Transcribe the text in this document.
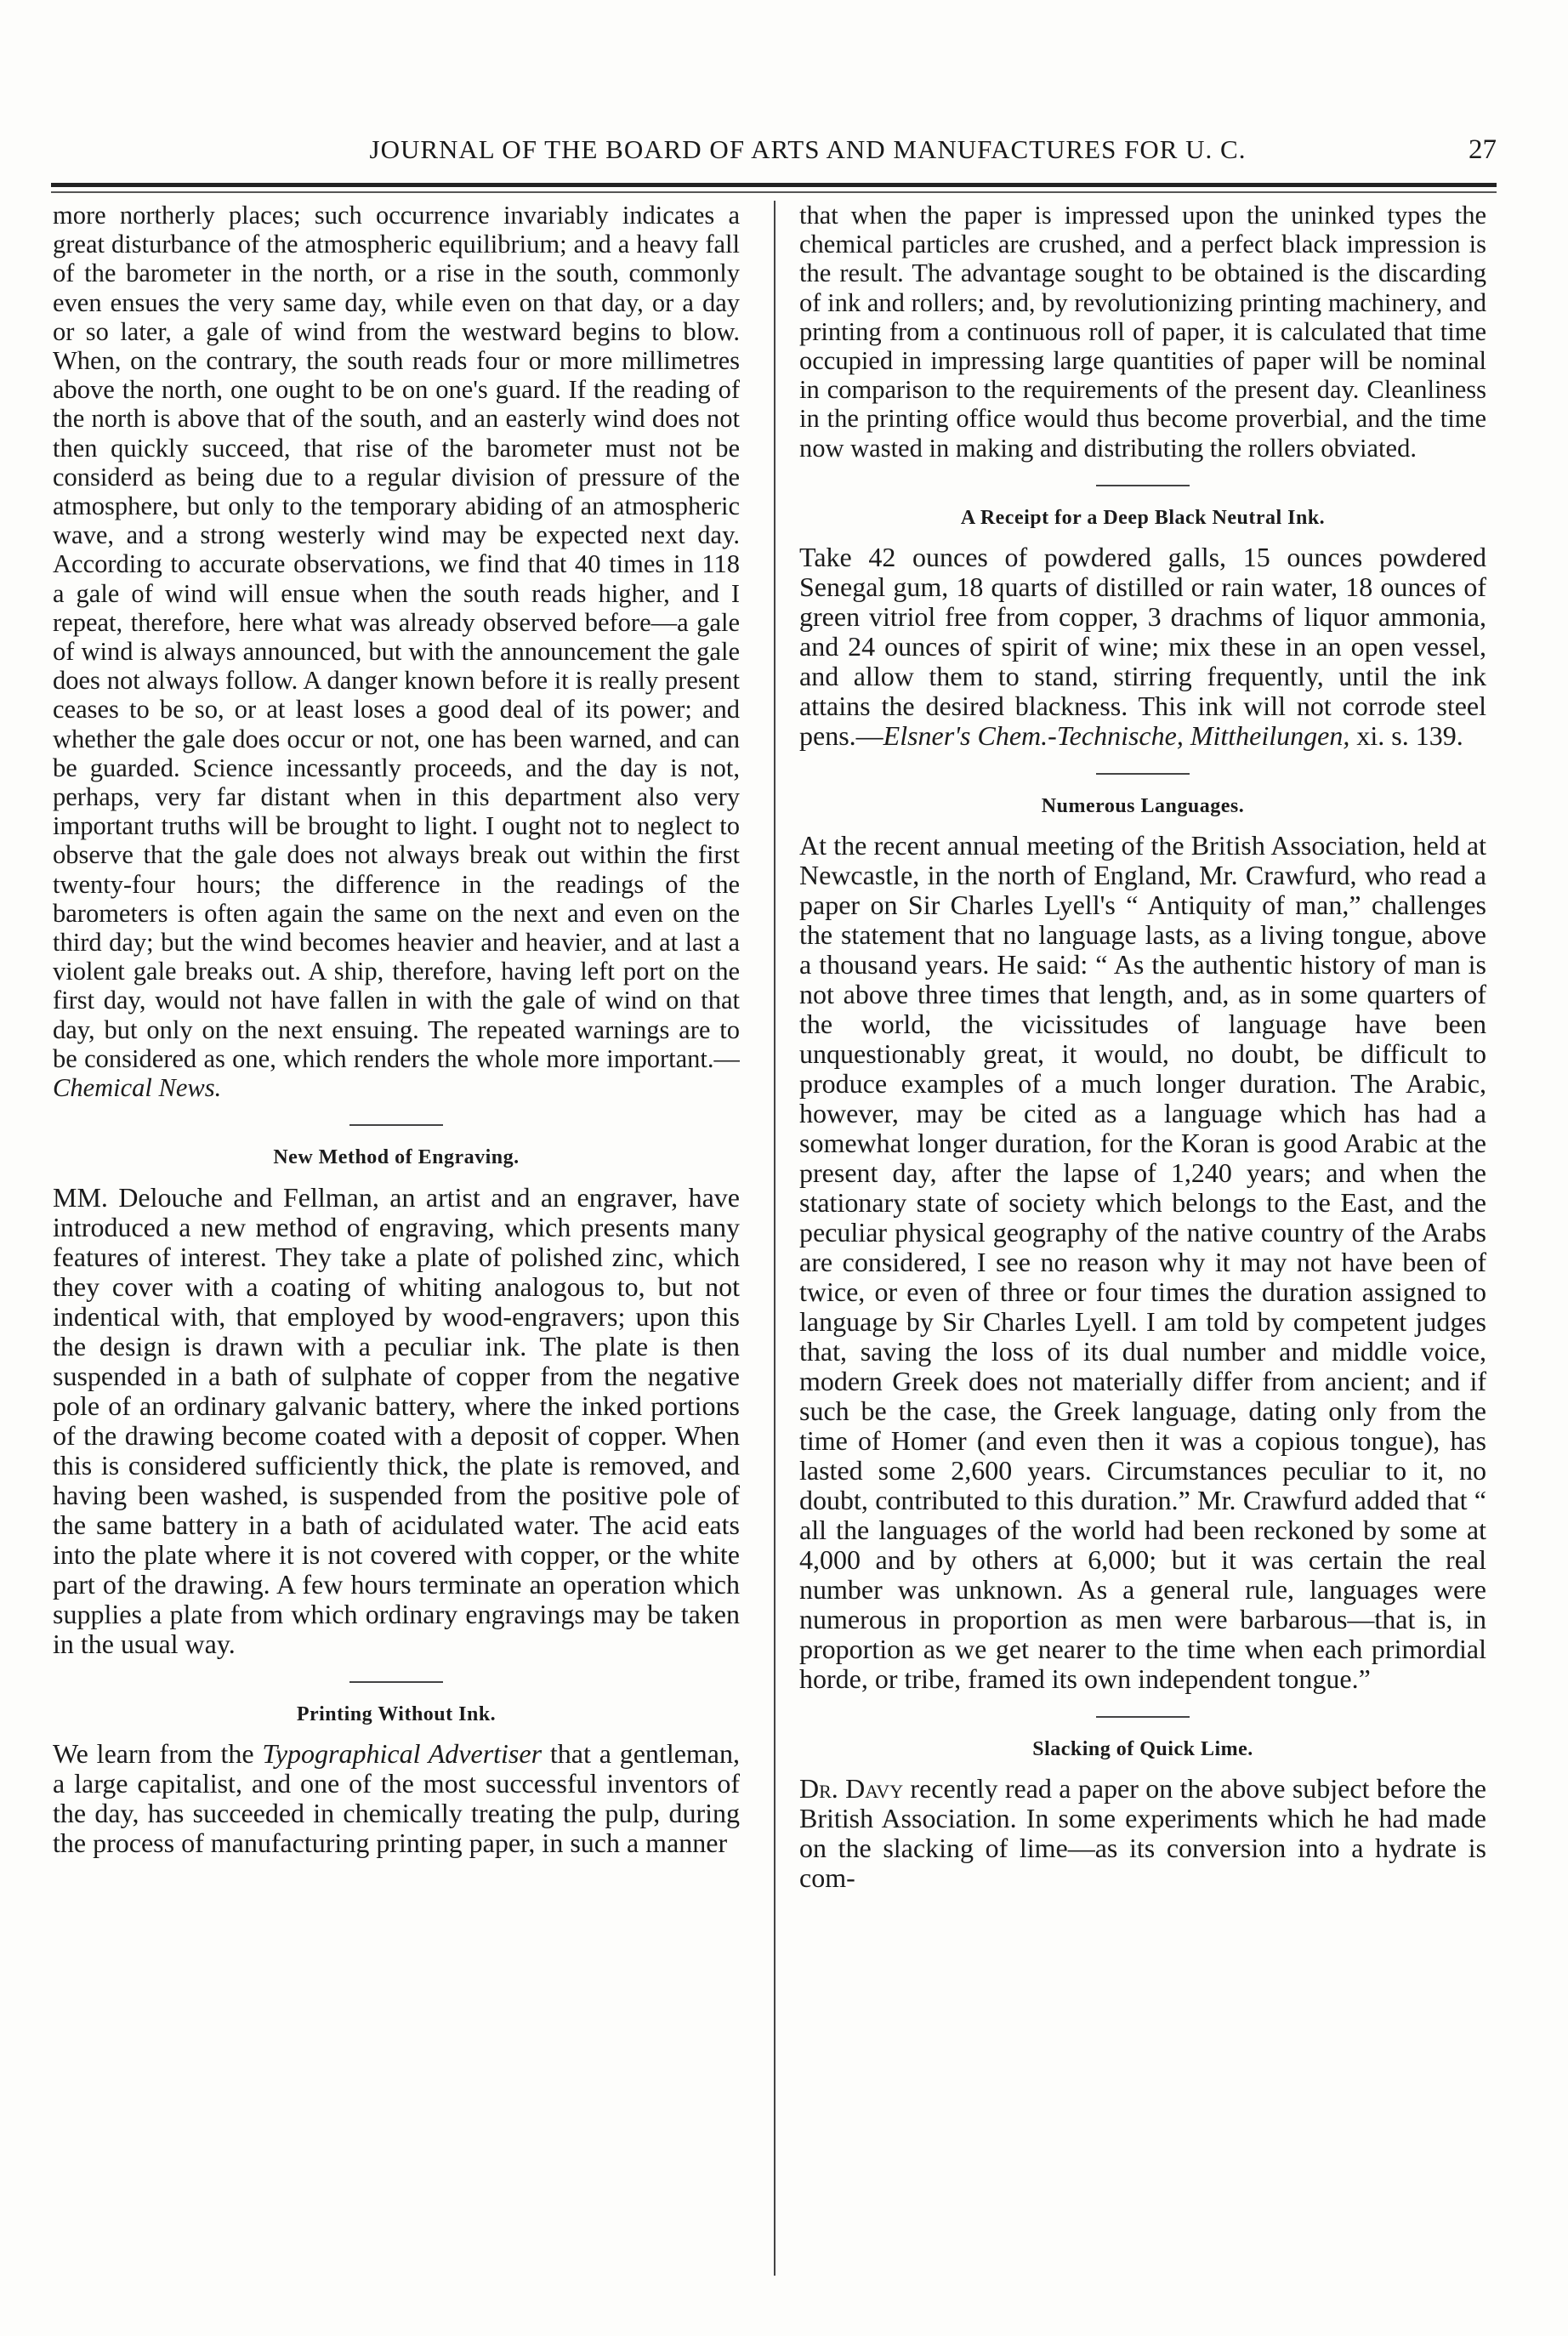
JOURNAL OF THE BOARD OF ARTS AND MANUFACTURES FOR U. C.	27

more northerly places; such occurrence invariably indicates a great disturbance of the atmospheric equilibrium; and a heavy fall of the barometer in the north, or a rise in the south, commonly even ensues the very same day, while even on that day, or a day or so later, a gale of wind from the westward begins to blow. When, on the contrary, the south reads four or more millimetres above the north, one ought to be on one's guard. If the reading of the north is above that of the south, and an easterly wind does not then quickly succeed, that rise of the barometer must not be considerd as being due to a regular division of pressure of the atmosphere, but only to the temporary abiding of an atmospheric wave, and a strong westerly wind may be expected next day. According to accurate observations, we find that 40 times in 118 a gale of wind will ensue when the south reads higher, and I repeat, therefore, here what was already observed before—a gale of wind is always announced, but with the announcement the gale does not always follow. A danger known before it is really present ceases to be so, or at least loses a good deal of its power; and whether the gale does occur or not, one has been warned, and can be guarded. Science incessantly proceeds, and the day is not, perhaps, very far distant when in this department also very important truths will be brought to light. I ought not to neglect to observe that the gale does not always break out within the first twenty-four hours; the difference in the readings of the barometers is often again the same on the next and even on the third day; but the wind becomes heavier and heavier, and at last a violent gale breaks out. A ship, therefore, having left port on the first day, would not have fallen in with the gale of wind on that day, but only on the next ensuing. The repeated warnings are to be considered as one, which renders the whole more important.—Chemical News.

New Method of Engraving.

MM. Delouche and Fellman, an artist and an engraver, have introduced a new method of engraving, which presents many features of interest. They take a plate of polished zinc, which they cover with a coating of whiting analogous to, but not indentical with, that employed by wood-engravers; upon this the design is drawn with a peculiar ink. The plate is then suspended in a bath of sulphate of copper from the negative pole of an ordinary galvanic battery, where the inked portions of the drawing become coated with a deposit of copper. When this is considered sufficiently thick, the plate is removed, and having been washed, is suspended from the positive pole of the same battery in a bath of acidulated water. The acid eats into the plate where it is not covered with copper, or the white part of the drawing. A few hours terminate an operation which supplies a plate from which ordinary engravings may be taken in the usual way.

Printing Without Ink.

We learn from the Typographical Advertiser that a gentleman, a large capitalist, and one of the most successful inventors of the day, has succeeded in chemically treating the pulp, during the process of manufacturing printing paper, in such a manner

that when the paper is impressed upon the uninked types the chemical particles are crushed, and a perfect black impression is the result. The advantage sought to be obtained is the discarding of ink and rollers; and, by revolutionizing printing machinery, and printing from a continuous roll of paper, it is calculated that time occupied in impressing large quantities of paper will be nominal in comparison to the requirements of the present day. Cleanliness in the printing office would thus become proverbial, and the time now wasted in making and distributing the rollers obviated.

A Receipt for a Deep Black Neutral Ink.

Take 42 ounces of powdered galls, 15 ounces powdered Senegal gum, 18 quarts of distilled or rain water, 18 ounces of green vitriol free from copper, 3 drachms of liquor ammonia, and 24 ounces of spirit of wine; mix these in an open vessel, and allow them to stand, stirring frequently, until the ink attains the desired blackness. This ink will not corrode steel pens.—Elsner's Chem.-Technische, Mittheilungen, xi. s. 139.

Numerous Languages.

At the recent annual meeting of the British Association, held at Newcastle, in the north of England, Mr. Crawfurd, who read a paper on Sir Charles Lyell's “ Antiquity of man,” challenges the statement that no language lasts, as a living tongue, above a thousand years. He said: “ As the authentic history of man is not above three times that length, and, as in some quarters of the world, the vicissitudes of language have been unquestionably great, it would, no doubt, be difficult to produce examples of a much longer duration. The Arabic, however, may be cited as a language which has had a somewhat longer duration, for the Koran is good Arabic at the present day, after the lapse of 1,240 years; and when the stationary state of society which belongs to the East, and the peculiar physical geography of the native country of the Arabs are considered, I see no reason why it may not have been of twice, or even of three or four times the duration assigned to language by Sir Charles Lyell. I am told by competent judges that, saving the loss of its dual number and middle voice, modern Greek does not materially differ from ancient; and if such be the case, the Greek language, dating only from the time of Homer (and even then it was a copious tongue), has lasted some 2,600 years. Circumstances peculiar to it, no doubt, contributed to this duration.” Mr. Crawfurd added that “ all the languages of the world had been reckoned by some at 4,000 and by others at 6,000; but it was certain the real number was unknown. As a general rule, languages were numerous in proportion as men were barbarous—that is, in proportion as we get nearer to the time when each primordial horde, or tribe, framed its own independent tongue.”

Slacking of Quick Lime.

Dr. Davy recently read a paper on the above subject before the British Association. In some experiments which he had made on the slacking of lime—as its conversion into a hydrate is com-
